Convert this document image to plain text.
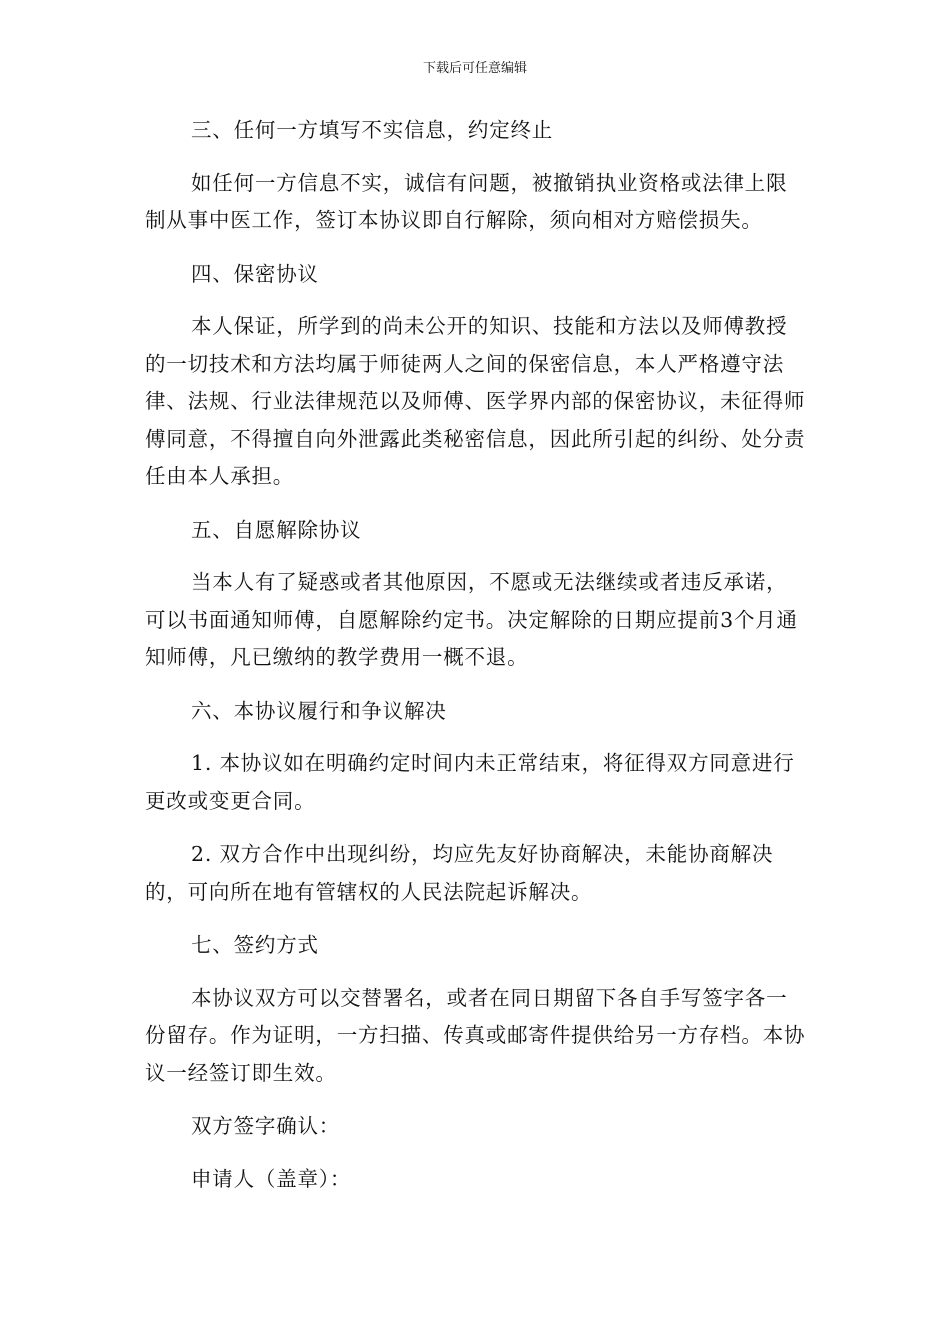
下载后可任意编辑

三、任何一方填写不实信息，约定终止

如任何一方信息不实，诚信有问题，被撤销执业资格或法律上限制从事中医工作，签订本协议即自行解除，须向相对方赔偿损失。

四、保密协议

本人保证，所学到的尚未公开的知识、技能和方法以及师傅教授的一切技术和方法均属于师徒两人之间的保密信息，本人严格遵守法律、法规、行业法律规范以及师傅、医学界内部的保密协议，未征得师傅同意，不得擅自向外泄露此类秘密信息，因此所引起的纠纷、处分责任由本人承担。

五、自愿解除协议

当本人有了疑惑或者其他原因，不愿或无法继续或者违反承诺，可以书面通知师傅，自愿解除约定书。决定解除的日期应提前3个月通知师傅，凡已缴纳的教学费用一概不退。

六、本协议履行和争议解决

1. 本协议如在明确约定时间内未正常结束，将征得双方同意进行更改或变更合同。

2. 双方合作中出现纠纷，均应先友好协商解决，未能协商解决的，可向所在地有管辖权的人民法院起诉解决。

七、签约方式

本协议双方可以交替署名，或者在同日期留下各自手写签字各一份留存。作为证明，一方扫描、传真或邮寄件提供给另一方存档。本协议一经签订即生效。

双方签字确认：

申请人（盖章）：
